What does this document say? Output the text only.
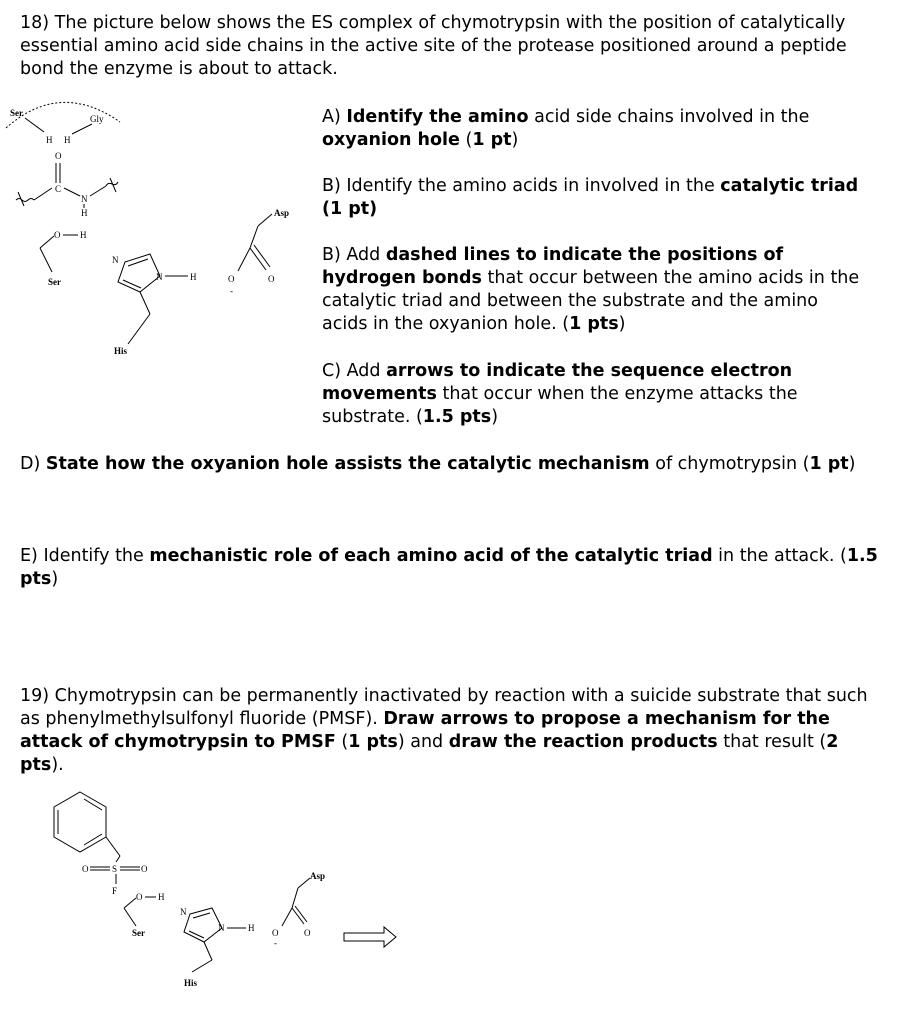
18) The picture below shows the ES complex of chymotrypsin with the position of catalytically essential amino acid side chains in the active site of the protease positioned around a peptide bond the enzyme is about to attack.
A) Identify the amino acid side chains involved in the oxyanion hole (1 pt)
B) Identify the amino acids in involved in the catalytic triad (1 pt)
B) Add dashed lines to indicate the positions of hydrogen bonds that occur between the amino acids in the catalytic triad and between the substrate and the amino acids in the oxyanion hole. (1 pts)
C) Add arrows to indicate the sequence electron movements that occur when the enzyme attacks the substrate. (1.5 pts)
D) State how the oxyanion hole assists the catalytic mechanism of chymotrypsin (1 pt)
E) Identify the mechanistic role of each amino acid of the catalytic triad in the attack. (1.5 pts)
19) Chymotrypsin can be permanently inactivated by reaction with a suicide substrate that such as phenylmethylsulfonyl fluoride (PMSF). Draw arrows to propose a mechanism for the attack of chymotrypsin to PMSF (1 pts) and draw the reaction products that result (2 pts).
Ser
Gly
H H
O
C
N
H
O H
Ser
N
N	H
His
O
-
O
Asp
O	S	O
F
O H
Ser
N
N	H
His
O
-
O
Asp
